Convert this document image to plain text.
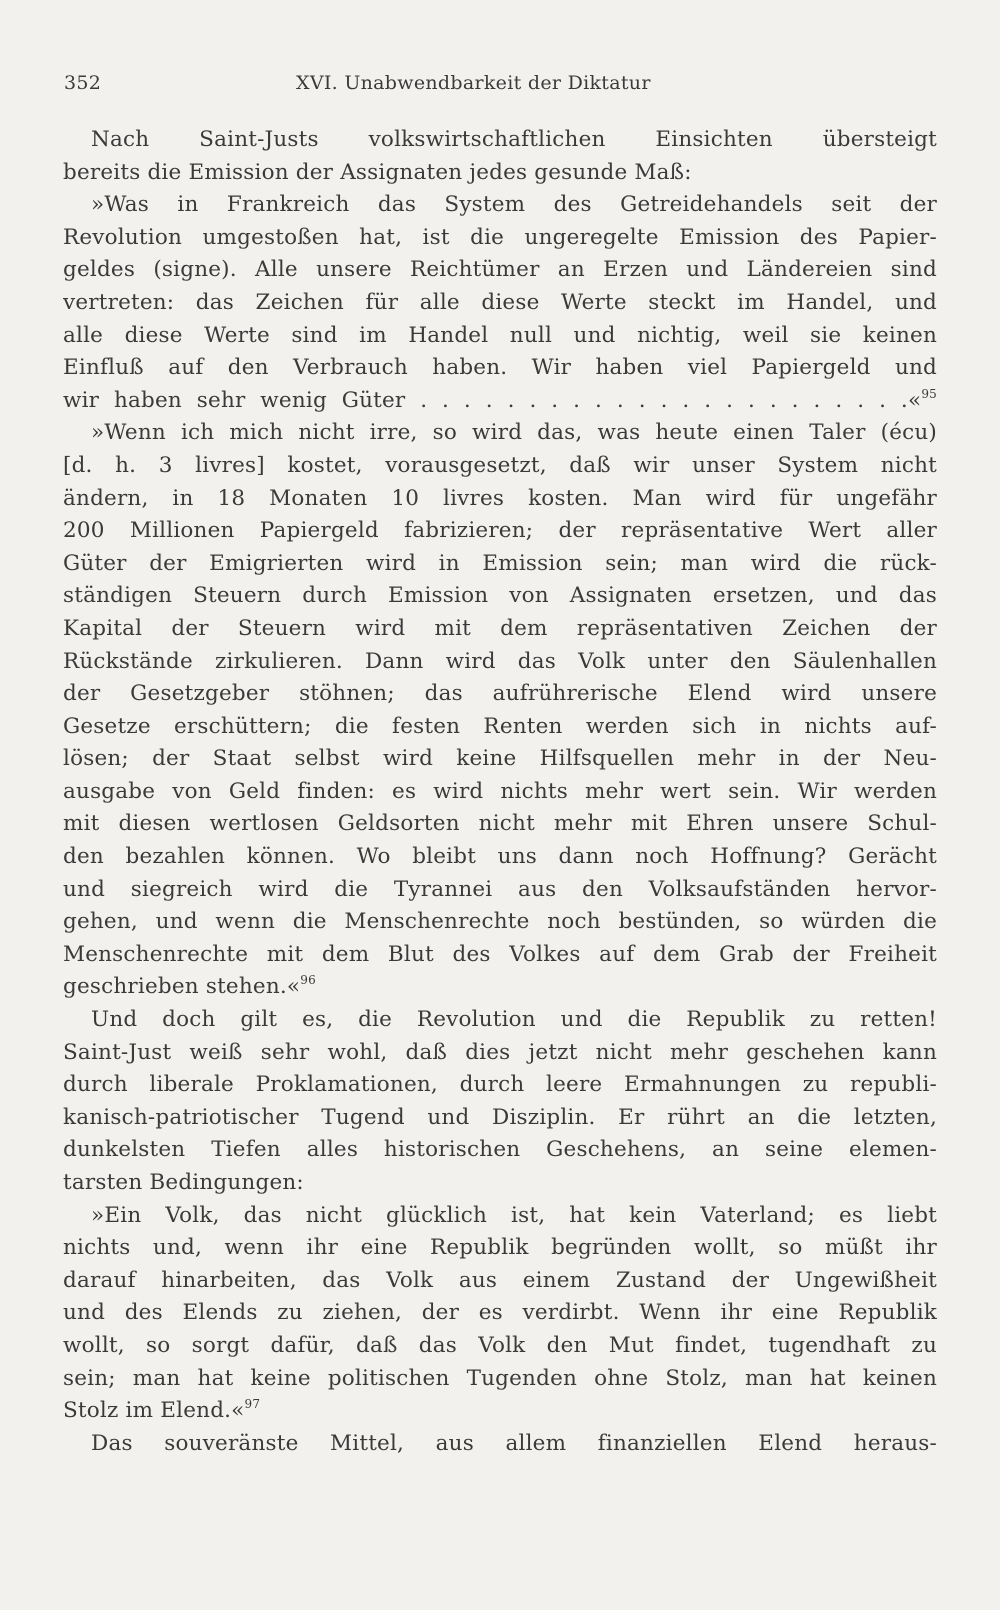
352	XVI. Unabwendbarkeit der Diktatur
Nach Saint-Justs volkswirtschaftlichen Einsichten übersteigt
bereits die Emission der Assignaten jedes gesunde Maß:
»Was in Frankreich das System des Getreidehandels seit der
Revolution umgestoßen hat, ist die ungeregelte Emission des Papier-
geldes (signe). Alle unsere Reichtümer an Erzen und Ländereien sind
vertreten: das Zeichen für alle diese Werte steckt im Handel, und
alle diese Werte sind im Handel null und nichtig, weil sie keinen
Einfluß auf den Verbrauch haben. Wir haben viel Papiergeld und
wir haben sehr wenig Güter . . . . . . . . . . . . . . . . . . . . . . .«$^{95}$
»Wenn ich mich nicht irre, so wird das, was heute einen Taler (écu)
[d. h. 3 livres] kostet, vorausgesetzt, daß wir unser System nicht
ändern, in 18 Monaten 10 livres kosten. Man wird für ungefähr
200 Millionen Papiergeld fabrizieren; der repräsentative Wert aller
Güter der Emigrierten wird in Emission sein; man wird die rück-
ständigen Steuern durch Emission von Assignaten ersetzen, und das
Kapital der Steuern wird mit dem repräsentativen Zeichen der
Rückstände zirkulieren. Dann wird das Volk unter den Säulenhallen
der Gesetzgeber stöhnen; das aufrührerische Elend wird unsere
Gesetze erschüttern; die festen Renten werden sich in nichts auf-
lösen; der Staat selbst wird keine Hilfsquellen mehr in der Neu-
ausgabe von Geld finden: es wird nichts mehr wert sein. Wir werden
mit diesen wertlosen Geldsorten nicht mehr mit Ehren unsere Schul-
den bezahlen können. Wo bleibt uns dann noch Hoffnung? Gerächt
und siegreich wird die Tyrannei aus den Volksaufständen hervor-
gehen, und wenn die Menschenrechte noch bestünden, so würden die
Menschenrechte mit dem Blut des Volkes auf dem Grab der Freiheit
geschrieben stehen.«$^{96}$
Und doch gilt es, die Revolution und die Republik zu retten!
Saint-Just weiß sehr wohl, daß dies jetzt nicht mehr geschehen kann
durch liberale Proklamationen, durch leere Ermahnungen zu republi-
kanisch-patriotischer Tugend und Disziplin. Er rührt an die letzten,
dunkelsten Tiefen alles historischen Geschehens, an seine elemen-
tarsten Bedingungen:
»Ein Volk, das nicht glücklich ist, hat kein Vaterland; es liebt
nichts und, wenn ihr eine Republik begründen wollt, so müßt ihr
darauf hinarbeiten, das Volk aus einem Zustand der Ungewißheit
und des Elends zu ziehen, der es verdirbt. Wenn ihr eine Republik
wollt, so sorgt dafür, daß das Volk den Mut findet, tugendhaft zu
sein; man hat keine politischen Tugenden ohne Stolz, man hat keinen
Stolz im Elend.«$^{97}$
Das souveränste Mittel, aus allem finanziellen Elend heraus-
